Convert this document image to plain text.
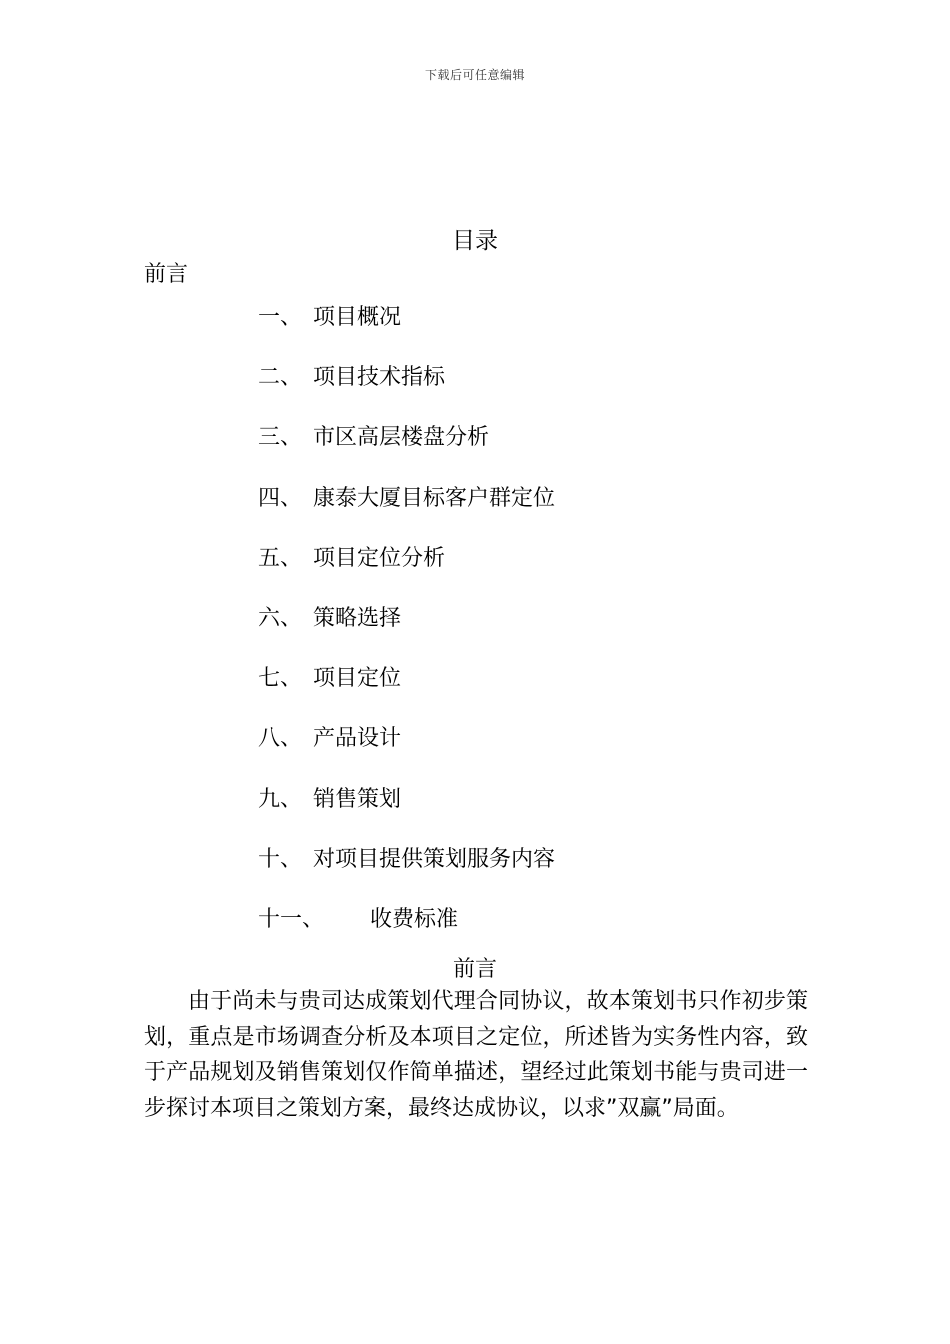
下载后可任意编辑
目录
前言
一、 项目概况
二、 项目技术指标
三、 市区高层楼盘分析
四、 康泰大厦目标客户群定位
五、 项目定位分析
六、 策略选择
七、 项目定位
八、 产品设计
九、 销售策划
十、 对项目提供策划服务内容
十一、	收费标准
前言

由于尚未与贵司达成策划代理合同协议，故本策划书只作初步策划，重点是市场调查分析及本项目之定位，所述皆为实务性内容，致于产品规划及销售策划仅作简单描述，望经过此策划书能与贵司进一步探讨本项目之策划方案，最终达成协议，以求”双赢”局面。
